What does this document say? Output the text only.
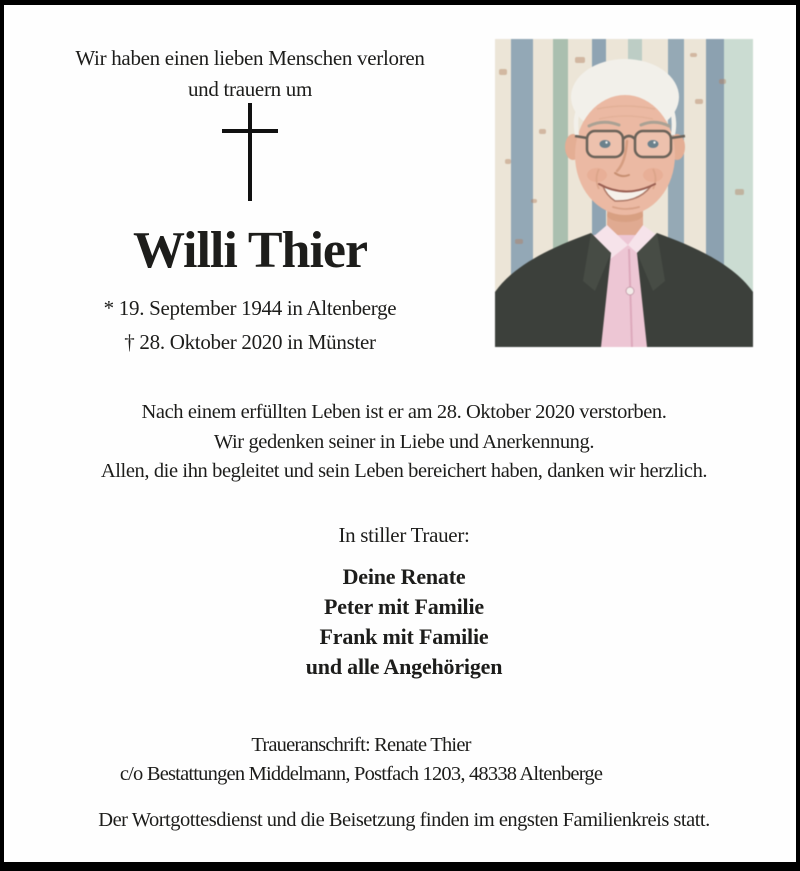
Wir haben einen lieben Menschen verloren

und trauern um

Willi Thier

* 19. September 1944 in Altenberge

† 28. Oktober 2020 in Münster

Nach einem erfüllten Leben ist er am 28. Oktober 2020 verstorben.

Wir gedenken seiner in Liebe und Anerkennung.

Allen, die ihn begleitet und sein Leben bereichert haben, danken wir herzlich.

In stiller Trauer:

Deine Renate

Peter mit Familie

Frank mit Familie

und alle Angehörigen

Traueranschrift: Renate Thier

c/o Bestattungen Middelmann, Postfach 1203, 48338 Altenberge

Der Wortgottesdienst und die Beisetzung finden im engsten Familienkreis statt.
